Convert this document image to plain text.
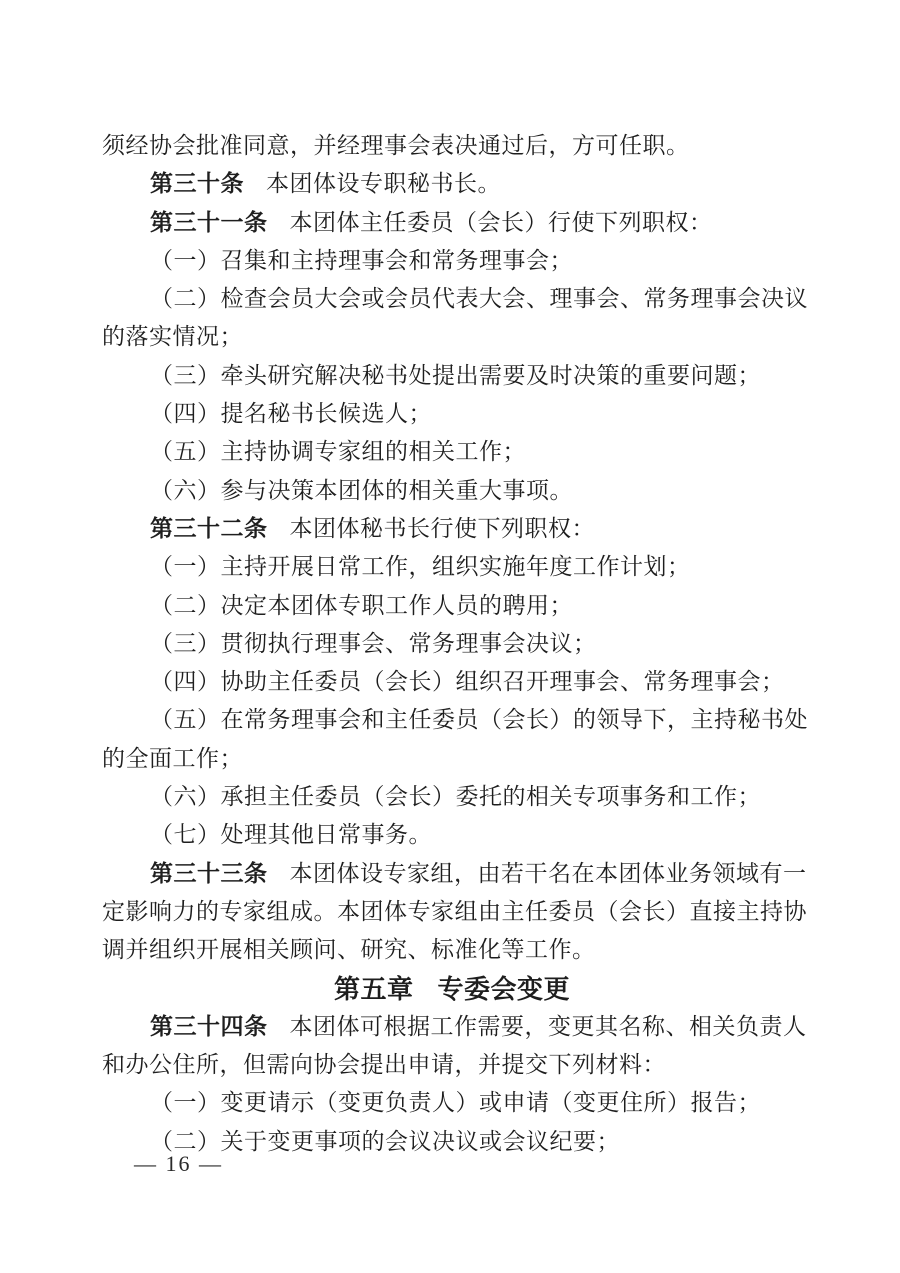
须经协会批准同意，并经理事会表决通过后，方可任职。
第三十条 本团体设专职秘书长。
第三十一条 本团体主任委员（会长）行使下列职权：
（一）召集和主持理事会和常务理事会；
（二）检查会员大会或会员代表大会、理事会、常务理事会决议
的落实情况；
（三）牵头研究解决秘书处提出需要及时决策的重要问题；
（四）提名秘书长候选人；
（五）主持协调专家组的相关工作；
（六）参与决策本团体的相关重大事项。
第三十二条 本团体秘书长行使下列职权：
（一）主持开展日常工作，组织实施年度工作计划；
（二）决定本团体专职工作人员的聘用；
（三）贯彻执行理事会、常务理事会决议；
（四）协助主任委员（会长）组织召开理事会、常务理事会；
（五）在常务理事会和主任委员（会长）的领导下，主持秘书处
的全面工作；
（六）承担主任委员（会长）委托的相关专项事务和工作；
（七）处理其他日常事务。
第三十三条 本团体设专家组，由若干名在本团体业务领域有一
定影响力的专家组成。本团体专家组由主任委员（会长）直接主持协
调并组织开展相关顾问、研究、标准化等工作。
第五章 专委会变更
第三十四条 本团体可根据工作需要，变更其名称、相关负责人
和办公住所，但需向协会提出申请，并提交下列材料：
（一）变更请示（变更负责人）或申请（变更住所）报告；
（二）关于变更事项的会议决议或会议纪要；
— 16 —
